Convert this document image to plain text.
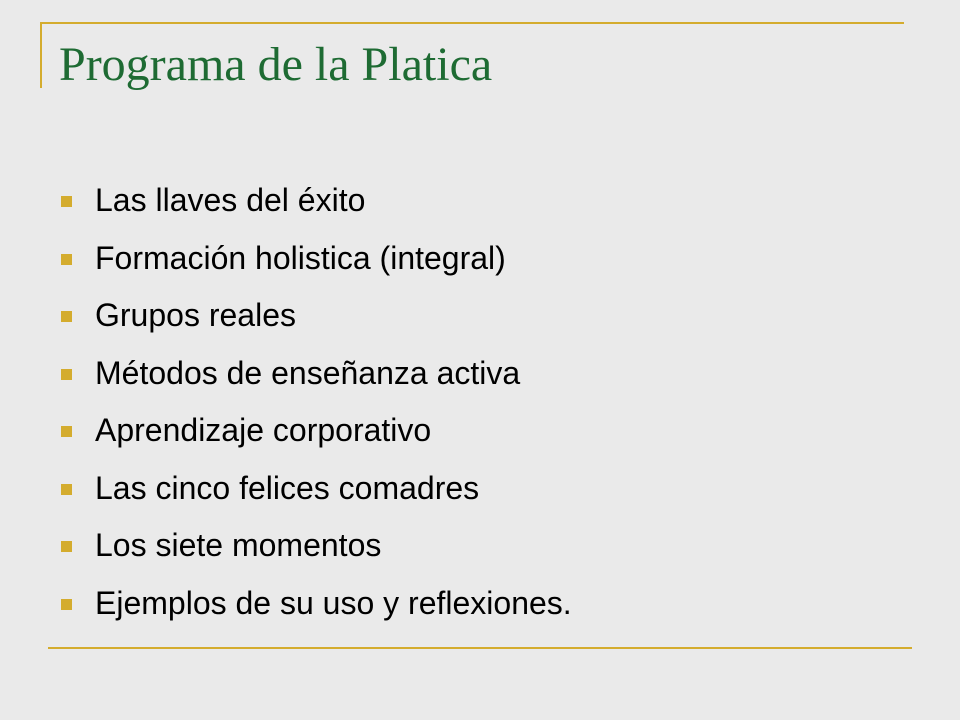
Programa de la Platica
Las llaves del éxito
Formación holistica (integral)
Grupos reales
Métodos de enseñanza activa
Aprendizaje corporativo
Las cinco felices comadres
Los siete momentos
Ejemplos de su uso y reflexiones.
